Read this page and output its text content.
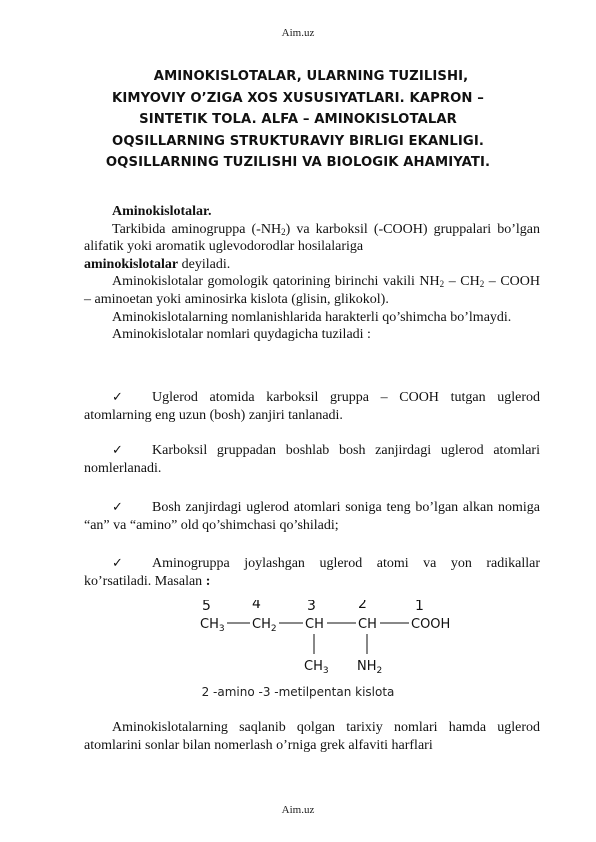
Aim.uz
AMINOKISLOTALAR, ULARNING TUZILISHI,
KIMYOVIY O’ZIGA XOS XUSUSIYATLARI. KAPRON –
SINTETIK TOLA. ALFA – AMINOKISLOTALAR
OQSILLARNING STRUKTURAVIY BIRLIGI EKANLIGI.
OQSILLARNING TUZILISHI VA BIOLOGIK AHAMIYATI.

Aminokislotalar.

Tarkibida aminogruppa $(-NH_2)$ va karboksil (-COOH) gruppalari bo’lgan alifatik yoki aromatik uglevodorodlar hosilalariga
aminokislotalar deyiladi.

Aminokislotalar gomologik qatorining birinchi vakili $NH_2 - CH_2$ – COOH – aminoetan yoki aminosirka kislota (glisin, glikokol).

Aminokislotalarning nomlanishlarida harakterli qo’shimcha bo’lmaydi.

Aminokislotalar nomlari quydagicha tuziladi :

✓ Uglerod atomida karboksil gruppa – COOH tutgan uglerod atomlarning eng uzun (bosh) zanjiri tanlanadi.

✓ Karboksil gruppadan boshlab bosh zanjirdagi uglerod atomlari nomlerlanadi.

✓ Bosh zanjirdagi uglerod atomlari soniga teng bo’lgan alkan nomiga “an” va “amino” old qo’shimchasi qo’shiladi;

✓ Aminogruppa joylashgan uglerod atomi va yon radikallar ko’rsatiladi. Masalan :

5	4	3	2	1
$CH_3$ $CH_2$ CH	CH	COOH
$CH_3$ $NH_2$
2 -amino -3 -metilpentan kislota

Aminokislotalarning saqlanib qolgan tarixiy nomlari hamda uglerod atomlarini sonlar bilan nomerlash o’rniga grek alfaviti harflari

Aim.uz
